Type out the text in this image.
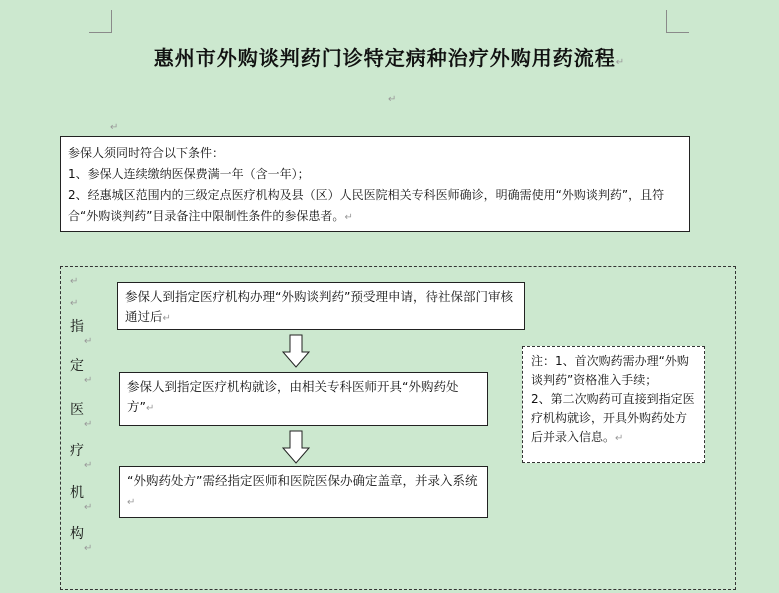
惠州市外购谈判药门诊特定病种治疗外购用药流程↵
↵
↵
参保人须同时符合以下条件：
1、参保人连续缴纳医保费满一年（含一年）；
2、经惠城区范围内的三级定点医疗机构及县（区）人民医院相关专科医师确诊，明确需使用“外购谈判药”，且符合“外购谈判药”目录备注中限制性条件的参保患者。↵
↵
↵
指
定
医
疗
机
构
↵
↵
↵
↵
↵
↵
参保人到指定医疗机构办理“外购谈判药”预受理申请，待社保部门审核通过后↵
参保人到指定医疗机构就诊，由相关专科医师开具“外购药处方”↵
“外购药处方”需经指定医师和医院医保办确定盖章，并录入系统↵
注：1、首次购药需办理“外购谈判药”资格准入手续；
2、第二次购药可直接到指定医疗机构就诊，开具外购药处方后并录入信息。↵
